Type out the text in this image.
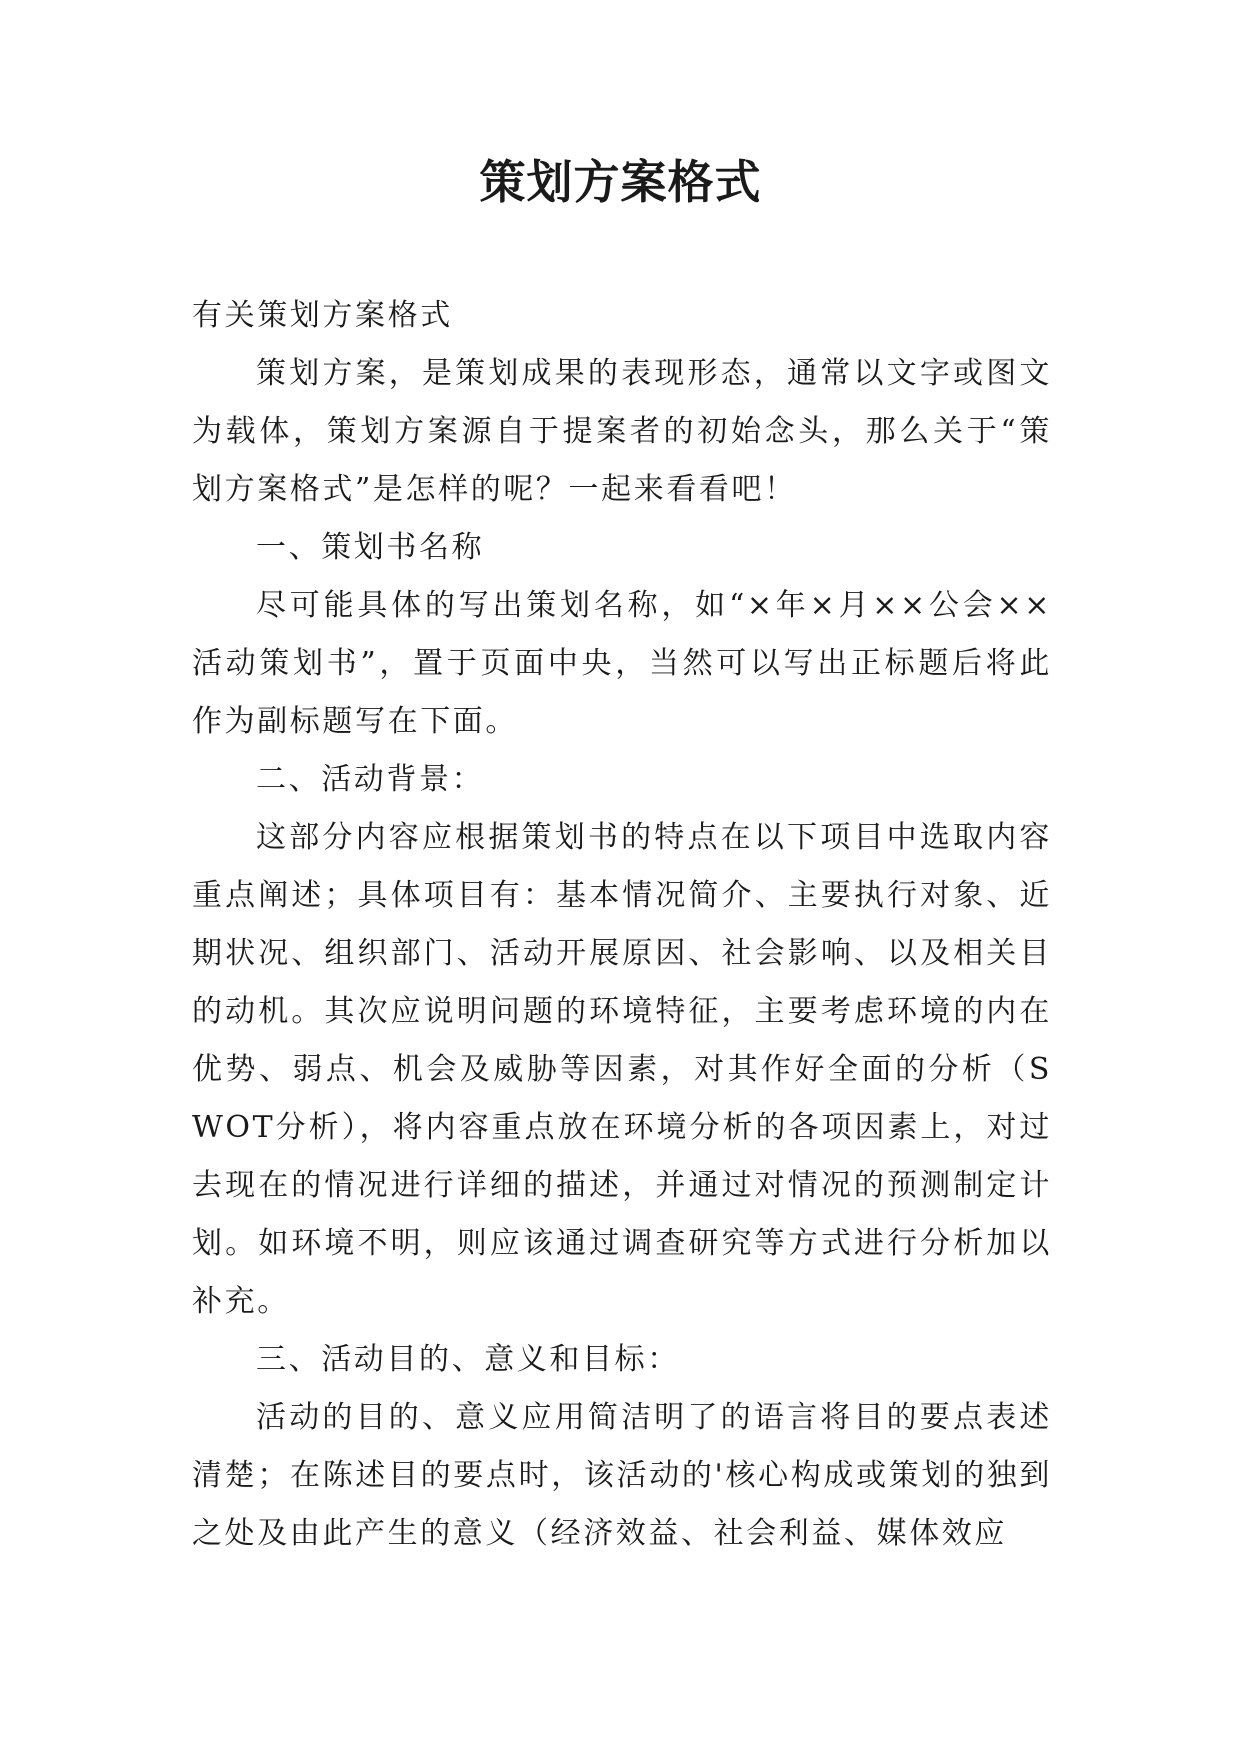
策划方案格式

有关策划方案格式

策划方案，是策划成果的表现形态，通常以文字或图文为载体，策划方案源自于提案者的初始念头，那么关于“策划方案格式”是怎样的呢？一起来看看吧！

一、策划书名称

尽可能具体的写出策划名称，如“×年×月××公会××活动策划书”，置于页面中央，当然可以写出正标题后将此作为副标题写在下面。

二、活动背景：

这部分内容应根据策划书的特点在以下项目中选取内容重点阐述；具体项目有：基本情况简介、主要执行对象、近期状况、组织部门、活动开展原因、社会影响、以及相关目的动机。其次应说明问题的环境特征，主要考虑环境的内在优势、弱点、机会及威胁等因素，对其作好全面的分析（SWOT分析），将内容重点放在环境分析的各项因素上，对过去现在的情况进行详细的描述，并通过对情况的预测制定计划。如环境不明，则应该通过调查研究等方式进行分析加以补充。

三、活动目的、意义和目标：

活动的目的、意义应用简洁明了的语言将目的要点表述清楚；在陈述目的要点时，该活动的'核心构成或策划的独到之处及由此产生的意义（经济效益、社会利益、媒体效应
